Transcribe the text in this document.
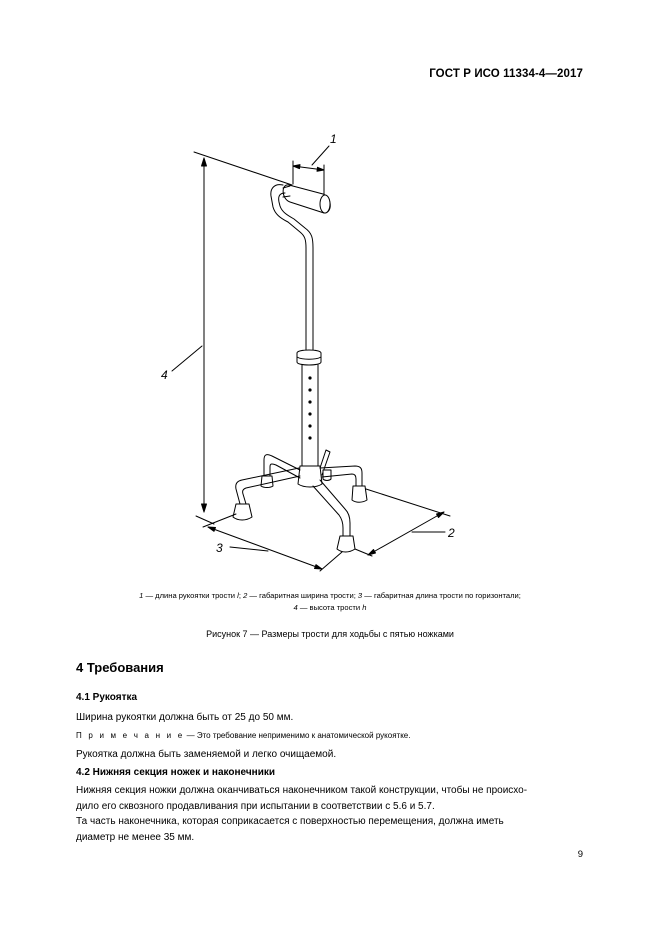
ГОСТ Р ИСО 11334-4—2017
1
2
3
4
1 — длина рукоятки трости l; 2 — габаритная ширина трости; 3 — габаритная длина трости по горизонтали;
4 — высота трости h
Рисунок 7 — Размеры трости для ходьбы с пятью ножками
4 Требования
4.1 Рукоятка
Ширина рукоятки должна быть от 25 до 50 мм.
П р и м е ч а н и е — Это требование неприменимо к анатомической рукоятке.
Рукоятка должна быть заменяемой и легко очищаемой.
4.2 Нижняя секция ножек и наконечники

Нижняя секция ножки должна оканчиваться наконечником такой конструкции, чтобы не происхо-

дило его сквозного продавливания при испытании в соответствии с 5.6 и 5.7.

Та часть наконечника, которая соприкасается с поверхностью перемещения, должна иметь

диаметр не менее 35 мм.

9
